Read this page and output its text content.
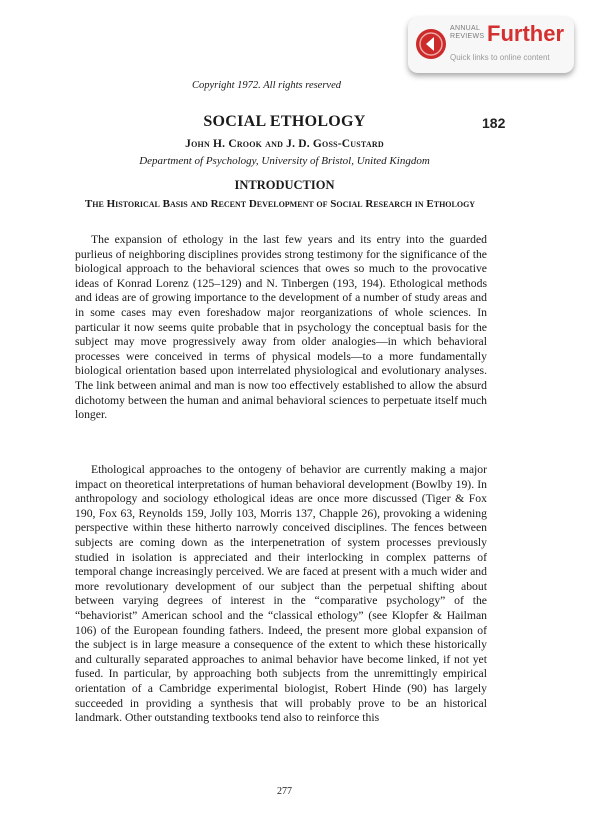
ANNUAL
REVIEWS Further
Quick links to online content
Copyright 1972. All rights reserved
SOCIAL ETHOLOGY	182
John H. Crook and J. D. Goss-Custard
Department of Psychology, University of Bristol, United Kingdom
INTRODUCTION
The Historical Basis and Recent Development of Social Research in Ethology

The expansion of ethology in the last few years and its entry into the guarded purlieus of neighboring disciplines provides strong testimony for the significance of the biological approach to the behavioral sciences that owes so much to the provocative ideas of Konrad Lorenz (125–129) and N. Tinbergen (193, 194). Ethological methods and ideas are of growing importance to the development of a number of study areas and in some cases may even foreshadow major reorganizations of whole sciences. In particular it now seems quite probable that in psychology the conceptual basis for the subject may move progressively away from older analogies—in which behavioral processes were conceived in terms of physical models—to a more fundamentally biological orientation based upon interrelated physiological and evolutionary analyses. The link between animal and man is now too effectively established to allow the absurd dichotomy between the human and animal behavioral sciences to perpetuate itself much longer.

Ethological approaches to the ontogeny of behavior are currently making a major impact on theoretical interpretations of human behavioral development (Bowlby 19). In anthropology and sociology ethological ideas are once more discussed (Tiger & Fox 190, Fox 63, Reynolds 159, Jolly 103, Morris 137, Chapple 26), provoking a widening perspective within these hitherto narrowly conceived disciplines. The fences between subjects are coming down as the interpenetration of system processes previously studied in isolation is appreciated and their interlocking in complex patterns of temporal change increasingly perceived. We are faced at present with a much wider and more revolutionary development of our subject than the perpetual shifting about between varying degrees of interest in the “comparative psychology” of the “behaviorist” American school and the “classical ethology” (see Klopfer & Hailman 106) of the European founding fathers. Indeed, the present more global expansion of the subject is in large measure a consequence of the extent to which these historically and culturally separated approaches to animal behavior have become linked, if not yet fused. In particular, by approaching both subjects from the unremittingly empirical orientation of a Cambridge experimental biologist, Robert Hinde (90) has largely succeeded in providing a synthesis that will probably prove to be an historical landmark. Other outstanding textbooks tend also to reinforce this

277
